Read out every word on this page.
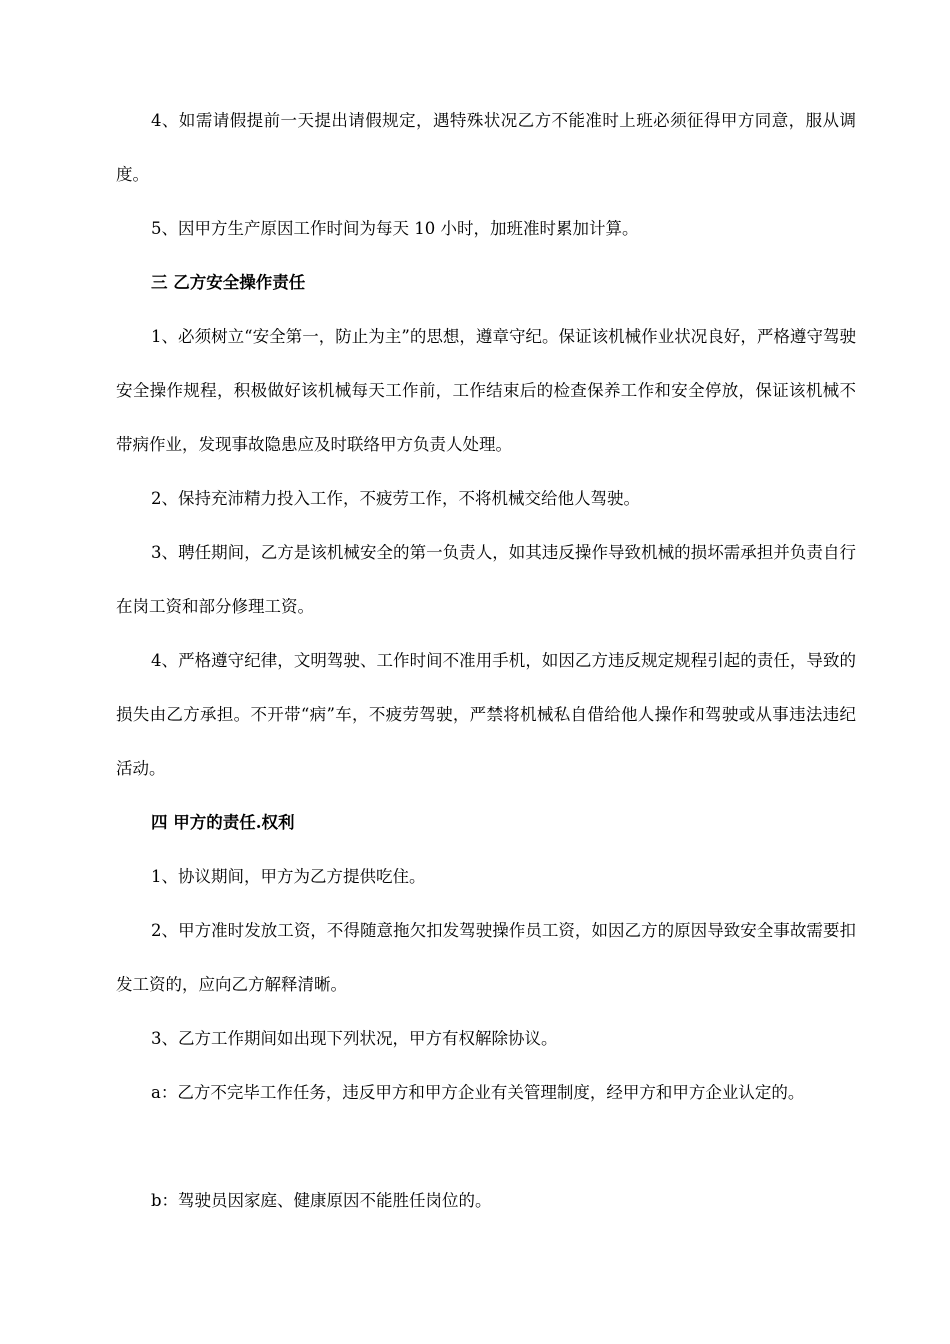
4、如需请假提前一天提出请假规定，遇特殊状况乙方不能准时上班必须征得甲方同意，服从调度。

5、因甲方生产原因工作时间为每天 10 小时，加班准时累加计算。

三 乙方安全操作责任

1、必须树立“安全第一，防止为主”的思想，遵章守纪。保证该机械作业状况良好，严格遵守驾驶安全操作规程，积极做好该机械每天工作前，工作结束后的检查保养工作和安全停放，保证该机械不带病作业，发现事故隐患应及时联络甲方负责人处理。

2、保持充沛精力投入工作，不疲劳工作，不将机械交给他人驾驶。

3、聘任期间，乙方是该机械安全的第一负责人，如其违反操作导致机械的损坏需承担并负责自行在岗工资和部分修理工资。

4、严格遵守纪律，文明驾驶、工作时间不准用手机，如因乙方违反规定规程引起的责任，导致的损失由乙方承担。不开带“病”车，不疲劳驾驶，严禁将机械私自借给他人操作和驾驶或从事违法违纪活动。

四 甲方的责任.权利

1、协议期间，甲方为乙方提供吃住。

2、甲方准时发放工资，不得随意拖欠扣发驾驶操作员工资，如因乙方的原因导致安全事故需要扣发工资的，应向乙方解释清晰。

3、乙方工作期间如出现下列状况，甲方有权解除协议。

a：乙方不完毕工作任务，违反甲方和甲方企业有关管理制度，经甲方和甲方企业认定的。

b：驾驶员因家庭、健康原因不能胜任岗位的。
